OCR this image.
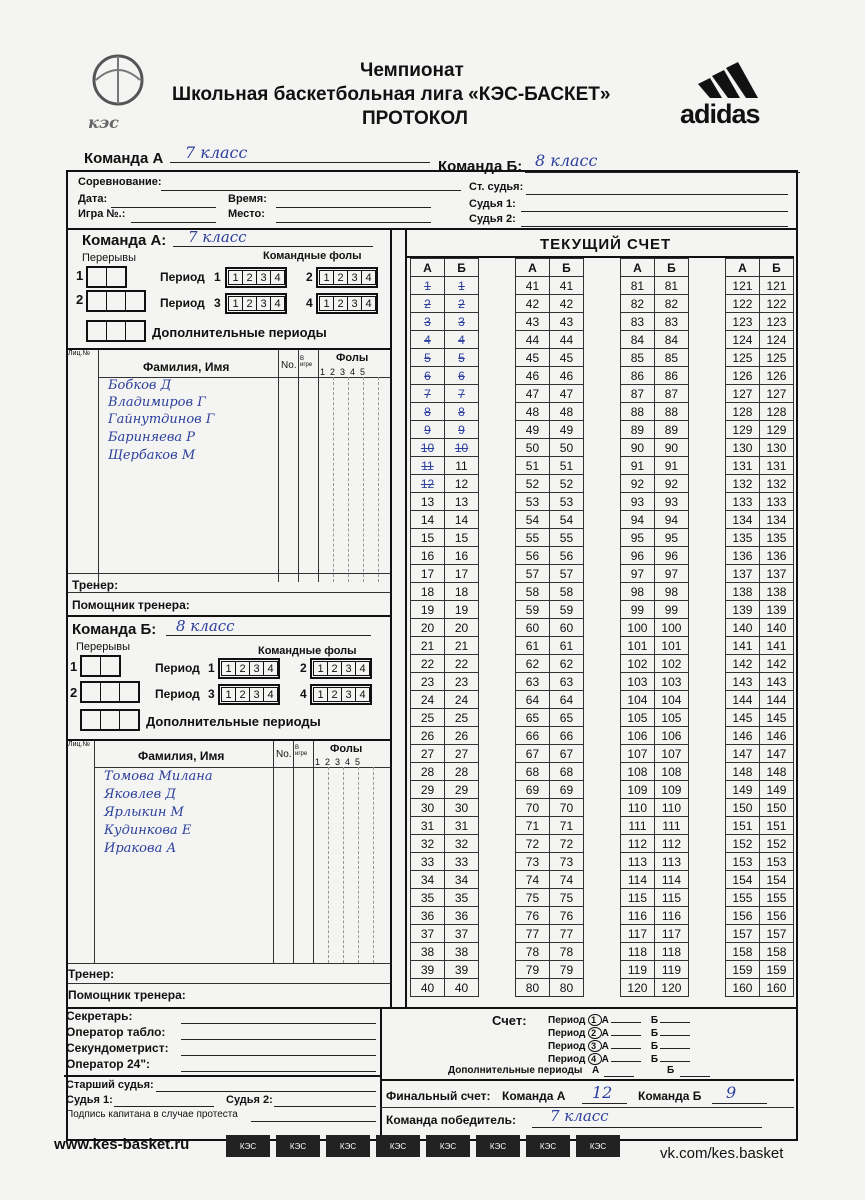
кэс
Чемпионат
Школьная баскетбольная лига «КЭС-БАСКЕТ»
ПРОТОКОЛ	adidas
Команда А 7 класс
Команда Б: 8 класс
Соревнование:
Дата:	Время:
Игра №.:	Место:
Ст. судья:
Судья 1:
Судья 2:
Команда А: 7 класс
Перерывы	Командные фолы
1
2
Дополнительные периоды
Период 1	1 2 3 4	2 1 2 3 4
Период 3	1 2 3 4	4 1 2 3 4
Лиц.№
Фамилия, Имя	No.
В игре
Фолы
12345
Бобков Д
Владимиров Г
Гайнутдинов Г
Бариняева Р
Щербаков М
Тренер:
Помощник тренера:
Команда Б: 8 класс
Перерывы	Командные фолы
1
2
Дополнительные периоды
Период 1 1 2 3 4	2 1 2 3 4
Период 3 1 2 3 4	4 1 2 3 4
Лиц.№
Фамилия, Имя	No.
В игре	Фолы
12345
Томова Милана
Яковлев Д
Ярлыкин М
Кудинкова Е
Иракова А
Тренер:
Помощник тренера:
ТЕКУЩИЙ СЧЕТ
А	Б		А	Б		А	Б		А	Б
1	1		41	41		81	81		121	121
2	2		42	42		82	82		122	122
3	3		43	43		83	83		123	123
4	4		44	44		84	84		124	124
5	5		45	45		85	85		125	125
6	6		46	46		86	86		126	126
7	7		47	47		87	87		127	127
8	8		48	48		88	88		128	128
9	9		49	49		89	89		129	129
10	10		50	50		90	90		130	130
11	11		51	51		91	91		131	131
12	12		52	52		92	92		132	132
13	13		53	53		93	93		133	133
14	14		54	54		94	94		134	134
15	15		55	55		95	95		135	135
16	16		56	56		96	96		136	136
17	17		57	57		97	97		137	137
18	18		58	58		98	98		138	138
19	19		59	59		99	99		139	139
20	20		60	60		100	100		140	140
21	21		61	61		101	101		141	141
22	22		62	62		102	102		142	142
23	23		63	63		103	103		143	143
24	24		64	64		104	104		144	144
25	25		65	65		105	105		145	145
26	26		66	66		106	106		146	146
27	27		67	67		107	107		147	147
28	28		68	68		108	108		148	148
29	29		69	69		109	109		149	149
30	30		70	70		110	110		150	150
31	31		71	71		111	111		151	151
32	32		72	72		112	112		152	152
33	33		73	73		113	113		153	153
34	34		74	74		114	114		154	154
35	35		75	75		115	115		155	155
36	36		76	76		116	116		156	156
37	37		77	77		117	117		157	157
38	38		78	78		118	118		158	158
39	39		79	79		119	119		159	159
40	40		80	80		120	120		160	160
Секретарь:
Оператор табло:
Секундометрист:
Оператор 24":
Старший судья:
Судья 1:	Судья 2:
Подпись капитана в случае протеста
Счет: Период 1 А	Б
Период 2 А	Б
Период 3 А	Б
Период 4 А	Б
Дополнительные периоды А	Б
Финальный счет: Команда А 12 Команда Б 9
Команда победитель: 7 класс
www.kes-basket.ru	КЭС	КЭС	КЭС	КЭС	КЭС	КЭС	КЭС	КЭС	vk.com/kes.basket
